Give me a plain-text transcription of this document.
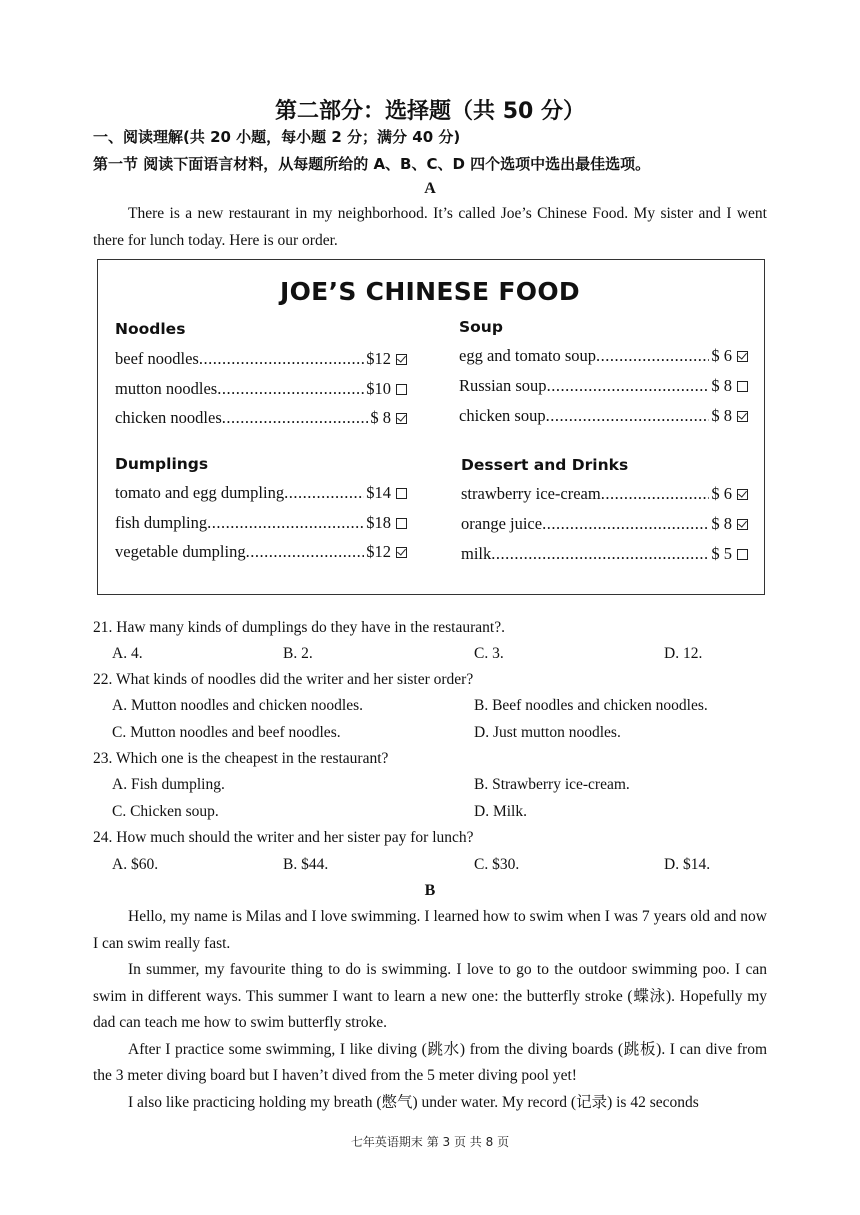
第二部分：选择题（共 50 分）
一、阅读理解(共 20 小题，每小题 2 分；满分 40 分)
第一节 阅读下面语言材料，从每题所给的 A、B、C、D 四个选项中选出最佳选项。
A

There is a new restaurant in my neighborhood. It’s called Joe’s Chinese Food. My sister and I went there for lunch today. Here is our order.

JOE’S CHINESE FOOD
Noodles
beef noodles .....	$12
mutton noodles .....	$10
chicken noodles .....	$ 8
Soup
egg and tomato soup .....	$ 6
Russian soup .....	$ 8
chicken soup .....	$ 8
Dumplings
tomato and egg dumpling .....	$14
fish dumpling .....	$18
vegetable dumpling .....	$12
Dessert and Drinks
strawberry ice-cream .....	$ 6
orange juice .....	$ 8
milk .....	$ 5
21. Haw many kinds of dumplings do they have in the restaurant?.
A. 4.	B. 2.	C. 3.	D. 12.
22. What kinds of noodles did the writer and her sister order?
A. Mutton noodles and chicken noodles.	B. Beef noodles and chicken noodles.
C. Mutton noodles and beef noodles.	D. Just mutton noodles.
23. Which one is the cheapest in the restaurant?
A. Fish dumpling.	B. Strawberry ice-cream.
C. Chicken soup.	D. Milk.
24. How much should the writer and her sister pay for lunch?
A. $60.	B. $44.	C. $30.	D. $14.
B

Hello, my name is Milas and I love swimming. I learned how to swim when I was 7 years old and now I can swim really fast.

In summer, my favourite thing to do is swimming. I love to go to the outdoor swimming poo. I can swim in different ways. This summer I want to learn a new one: the butterfly stroke (蝶泳). Hopefully my dad can teach me how to swim butterfly stroke.

After I practice some swimming, I like diving (跳水) from the diving boards (跳板). I can dive from the 3 meter diving board but I haven’t dived from the 5 meter diving pool yet!

I also like practicing holding my breath (憋气) under water. My record (记录) is 42 seconds

七年英语期末 第 3 页 共 8 页
